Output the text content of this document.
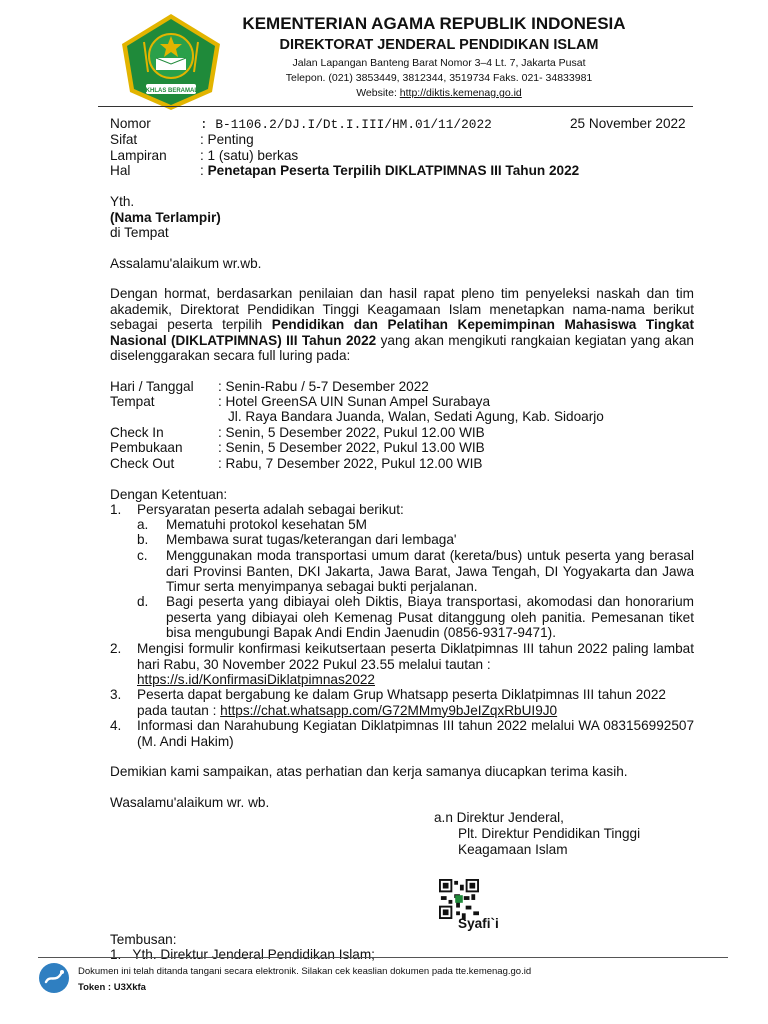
IKHLAS BERAMAL
KEMENTERIAN AGAMA REPUBLIK INDONESIA
DIREKTORAT JENDERAL PENDIDIKAN ISLAM
Jalan Lapangan Banteng Barat Nomor 3–4 Lt. 7, Jakarta Pusat
Telepon. (021) 3853449, 3812344, 3519734 Faks. 021- 34833981
Website: http://diktis.kemenag.go.id
Nomor	: B-1106.2/DJ.I/Dt.I.III/HM.01/11/2022	25 November 2022
Sifat	: Penting
Lampiran : 1 (satu) berkas
Hal	: Penetapan Peserta Terpilih DIKLATPIMNAS III Tahun 2022
Yth.
(Nama Terlampir)
di Tempat
Assalamu'alaikum wr.wb.
Dengan hormat, berdasarkan penilaian dan hasil rapat pleno tim penyeleksi naskah dan tim akademik, Direktorat Pendidikan Tinggi Keagamaan Islam menetapkan nama-nama berikut sebagai peserta terpilih Pendidikan dan Pelatihan Kepemimpinan Mahasiswa Tingkat Nasional (DIKLATPIMNAS) III Tahun 2022 yang akan mengikuti rangkaian kegiatan yang akan diselenggarakan secara full luring pada:
Hari / Tanggal : Senin-Rabu / 5-7 Desember 2022
Tempat	: Hotel GreenSA UIN Sunan Ampel Surabaya
Jl. Raya Bandara Juanda, Walan, Sedati Agung, Kab. Sidoarjo
Check In	: Senin, 5 Desember 2022, Pukul 12.00 WIB
Pembukaan	: Senin, 5 Desember 2022, Pukul 13.00 WIB
Check Out	: Rabu, 7 Desember 2022, Pukul 12.00 WIB
Dengan Ketentuan:
1. Persyaratan peserta adalah sebagai berikut:
a. Mematuhi protokol kesehatan 5M
b. Membawa surat tugas/keterangan dari lembaga'
c. Menggunakan moda transportasi umum darat (kereta/bus) untuk peserta yang berasal dari Provinsi Banten, DKI Jakarta, Jawa Barat, Jawa Tengah, DI Yogyakarta dan Jawa Timur serta menyimpanya sebagai bukti perjalanan.
d. Bagi peserta yang dibiayai oleh Diktis, Biaya transportasi, akomodasi dan honorarium peserta yang dibiayai oleh Kemenag Pusat ditanggung oleh panitia. Pemesanan tiket bisa mengubungi Bapak Andi Endin Jaenudin (0856-9317-9471).
2. Mengisi formulir konfirmasi keikutsertaan peserta Diklatpimnas III tahun 2022 paling lambat hari Rabu, 30 November 2022 Pukul 23.55 melalui tautan :
https://s.id/KonfirmasiDiklatpimnas2022
3. Peserta dapat bergabung ke dalam Grup Whatsapp peserta Diklatpimnas III tahun 2022 pada tautan : https://chat.whatsapp.com/G72MMmy9bJeIZqxRbUI9J0
4. Informasi dan Narahubung Kegiatan Diklatpimnas III tahun 2022 melalui WA 083156992507 (M. Andi Hakim)
Demikian kami sampaikan, atas perhatian dan kerja samanya diucapkan terima kasih.
Wasalamu'alaikum wr. wb.
a.n Direktur Jenderal,
Plt. Direktur Pendidikan Tinggi
Keagamaan Islam
Syafi`i
Tembusan:
1.   Yth. Direktur Jenderal Pendidikan Islam;
Dokumen ini telah ditanda tangani secara elektronik. Silakan cek keaslian dokumen pada tte.kemenag.go.id
Token : U3Xkfa
